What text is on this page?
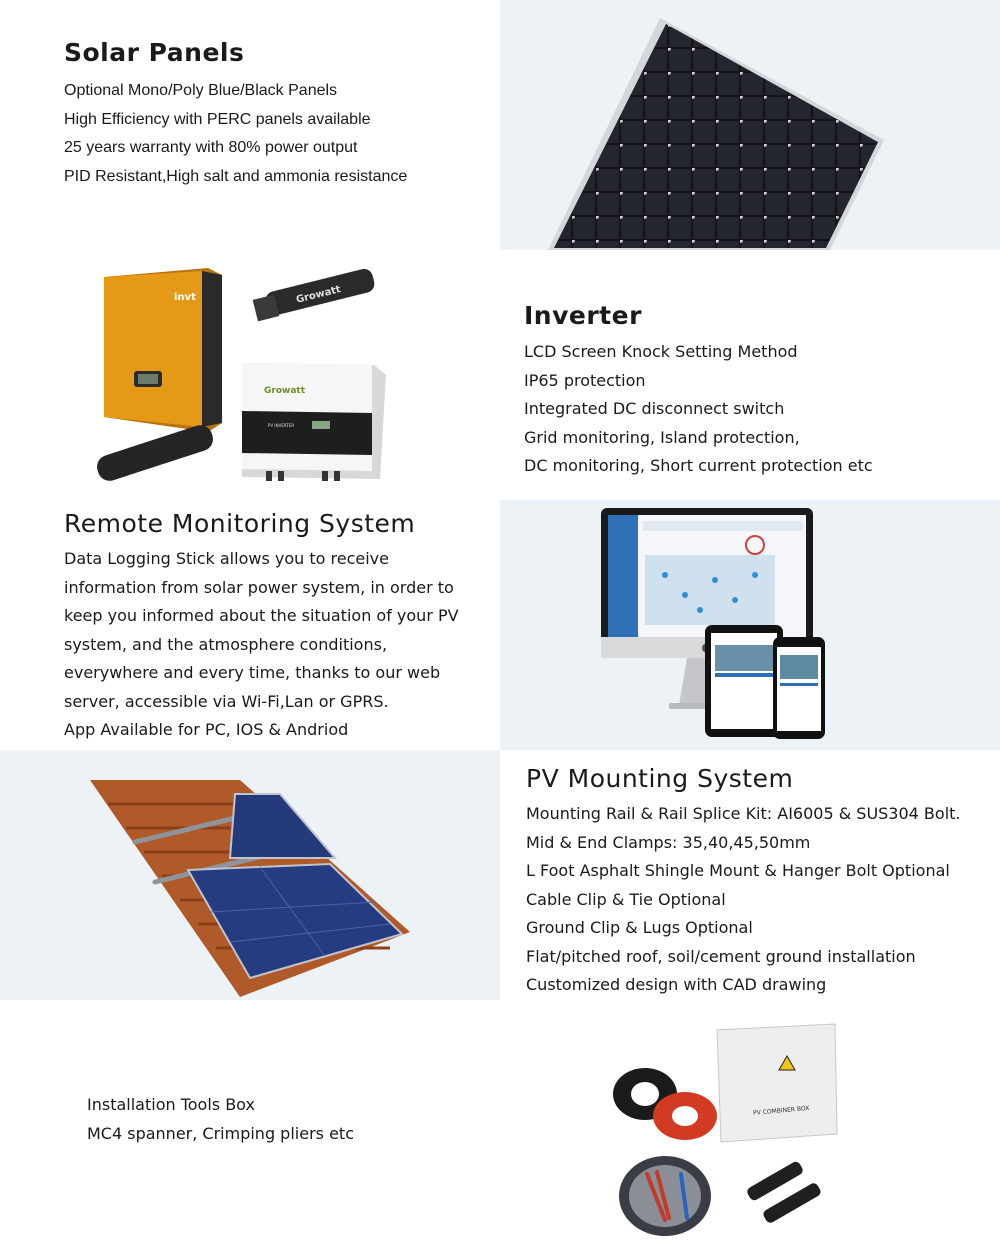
Solar Panels
Optional Mono/Poly Blue/Black Panels
High Efficiency with PERC panels available
25 years warranty with 80% power output
PID Resistant,High salt and ammonia resistance
invt	Growatt
Growatt
PV INVERTER
Inverter
LCD Screen Knock Setting Method
IP65 protection
Integrated DC disconnect switch
Grid monitoring, Island protection,
DC monitoring, Short current protection etc
Remote Monitoring System
Data Logging Stick allows you to receive
information from solar power system, in order to
keep you informed about the situation of your PV
system, and the atmosphere conditions,
everywhere and every time, thanks to our web
server, accessible via Wi-Fi,Lan or GPRS.
App Available for PC, IOS & Andriod
PV Mounting System
Mounting Rail & Rail Splice Kit: AI6005 & SUS304 Bolt.
Mid & End Clamps: 35,40,45,50mm
L Foot Asphalt Shingle Mount & Hanger Bolt Optional
Cable Clip & Tie Optional
Ground Clip & Lugs Optional
Flat/pitched roof, soil/cement ground installation
Customized design with CAD drawing
Installation Tools Box
MC4 spanner, Crimping pliers etc
PV COMBINER BOX
